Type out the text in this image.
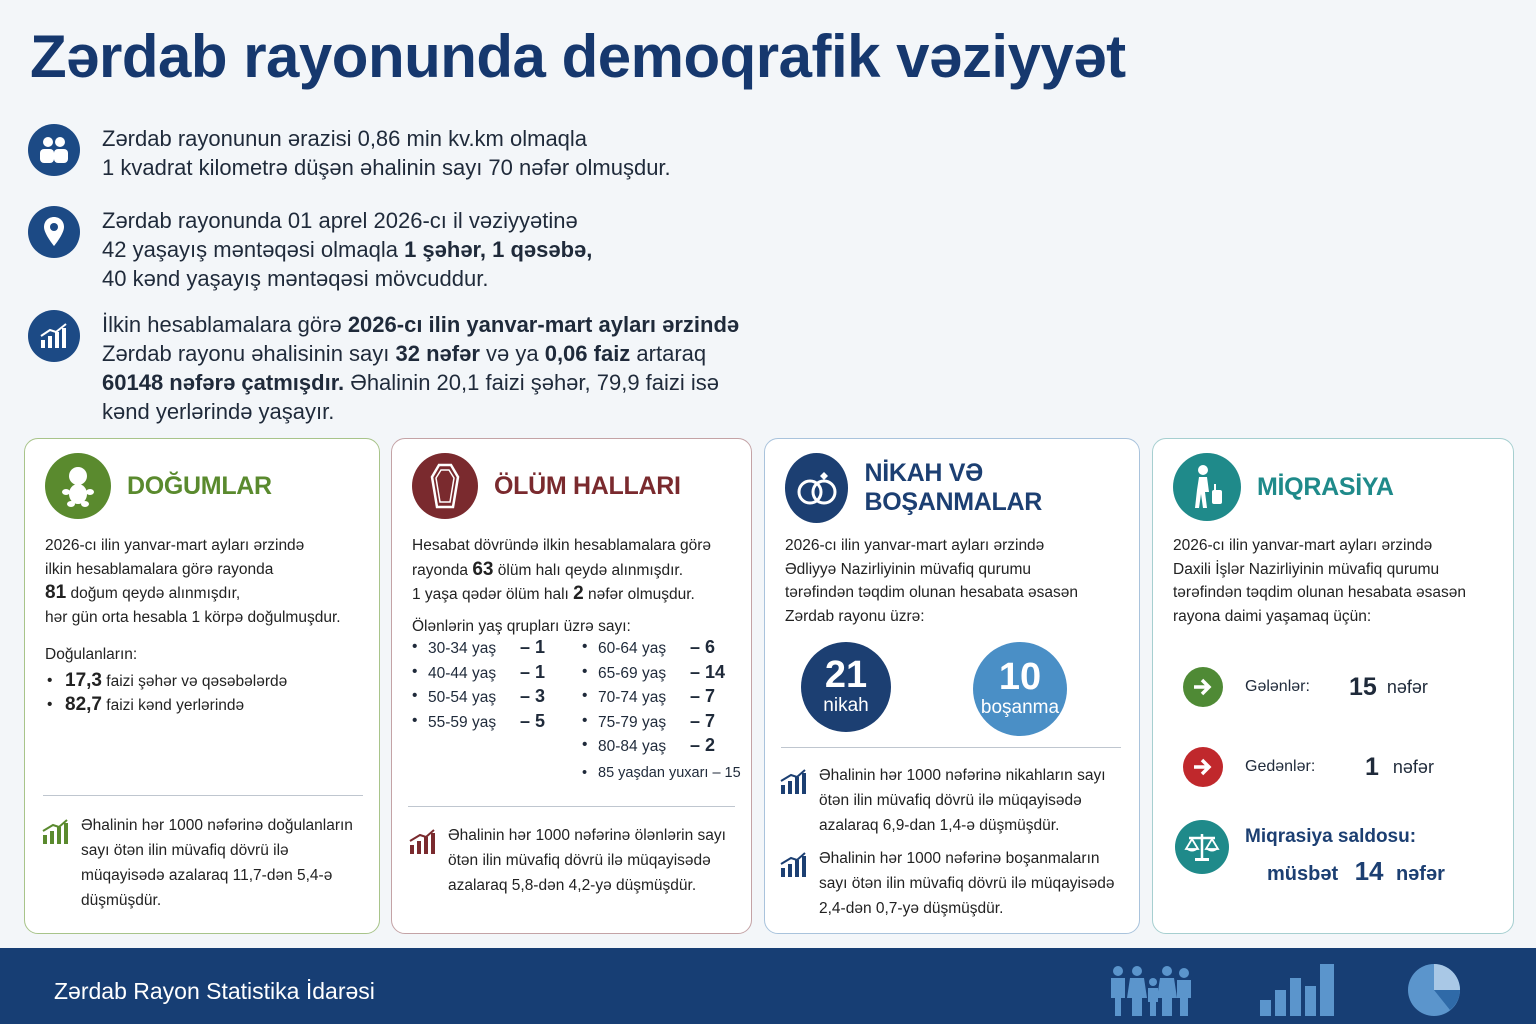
Zərdab rayonunda demoqrafik vəziyyət
Zərdab rayonunun ərazisi 0,86 min kv.km olmaqla
1 kvadrat kilometrə düşən əhalinin sayı 70 nəfər olmuşdur.
Zərdab rayonunda 01 aprel 2026-cı il vəziyyətinə
42 yaşayış məntəqəsi olmaqla 1 şəhər, 1 qəsəbə,
40 kənd yaşayış məntəqəsi mövcuddur.
İlkin hesablamalara görə 2026-cı ilin yanvar-mart ayları ərzində
Zərdab rayonu əhalisinin sayı 32 nəfər və ya 0,06 faiz artaraq
60148 nəfərə çatmışdır. Əhalinin 20,1 faizi şəhər, 79,9 faizi isə
kənd yerlərində yaşayır.
DOĞUMLAR
2026-cı ilin yanvar-mart ayları ərzində
ilkin hesablamalara görə rayonda
81 doğum qeydə alınmışdır,
hər gün orta hesabla 1 körpə doğulmuşdur.
Doğulanların:
• 17,3 faizi şəhər və qəsəbələrdə
• 82,7 faizi kənd yerlərində
Əhalinin hər 1000 nəfərinə doğulanların sayı ötən ilin müvafiq dövrü ilə müqayisədə azalaraq 11,7-dən 5,4-ə düşmüşdür.
ÖLÜM HALLARI
Hesabat dövründə ilkin hesablamalara görə
rayonda 63 ölüm halı qeydə alınmışdır.
1 yaşa qədər ölüm halı 2 nəfər olmuşdur.
Ölənlərin yaş qrupları üzrə sayı:
• 30-34 yaş – 1
• 40-44 yaş – 1
• 50-54 yaş – 3
• 55-59 yaş – 5
• 60-64 yaş – 6
• 65-69 yaş – 14
• 70-74 yaş – 7
• 75-79 yaş – 7
• 80-84 yaş – 2
• 85 yaşdan yuxarı – 15
Əhalinin hər 1000 nəfərinə ölənlərin sayı ötən ilin müvafiq dövrü ilə müqayisədə azalaraq 5,8-dən 4,2-yə düşmüşdür.
NİKAH VƏ BOŞANMALAR
2026-cı ilin yanvar-mart ayları ərzində
Ədliyyə Nazirliyinin müvafiq qurumu
tərəfindən təqdim olunan hesabata əsasən
Zərdab rayonu üzrə:
21
nikah
10
boşanma
Əhalinin hər 1000 nəfərinə nikahların sayı ötən ilin müvafiq dövrü ilə müqayisədə azalaraq 6,9-dan 1,4-ə düşmüşdür.
Əhalinin hər 1000 nəfərinə boşanmaların sayı ötən ilin müvafiq dövrü ilə müqayisədə 2,4-dən 0,7-yə düşmüşdür.
MİQRASİYA
2026-cı ilin yanvar-mart ayları ərzində
Daxili İşlər Nazirliyinin müvafiq qurumu
tərəfindən təqdim olunan hesabata əsasən
rayona daimi yaşamaq üçün:
Gələnlər:	15 nəfər
Gedənlər:	1 nəfər
Miqrasiya saldosu:
müsbət 14 nəfər
Zərdab Rayon Statistika İdarəsi
